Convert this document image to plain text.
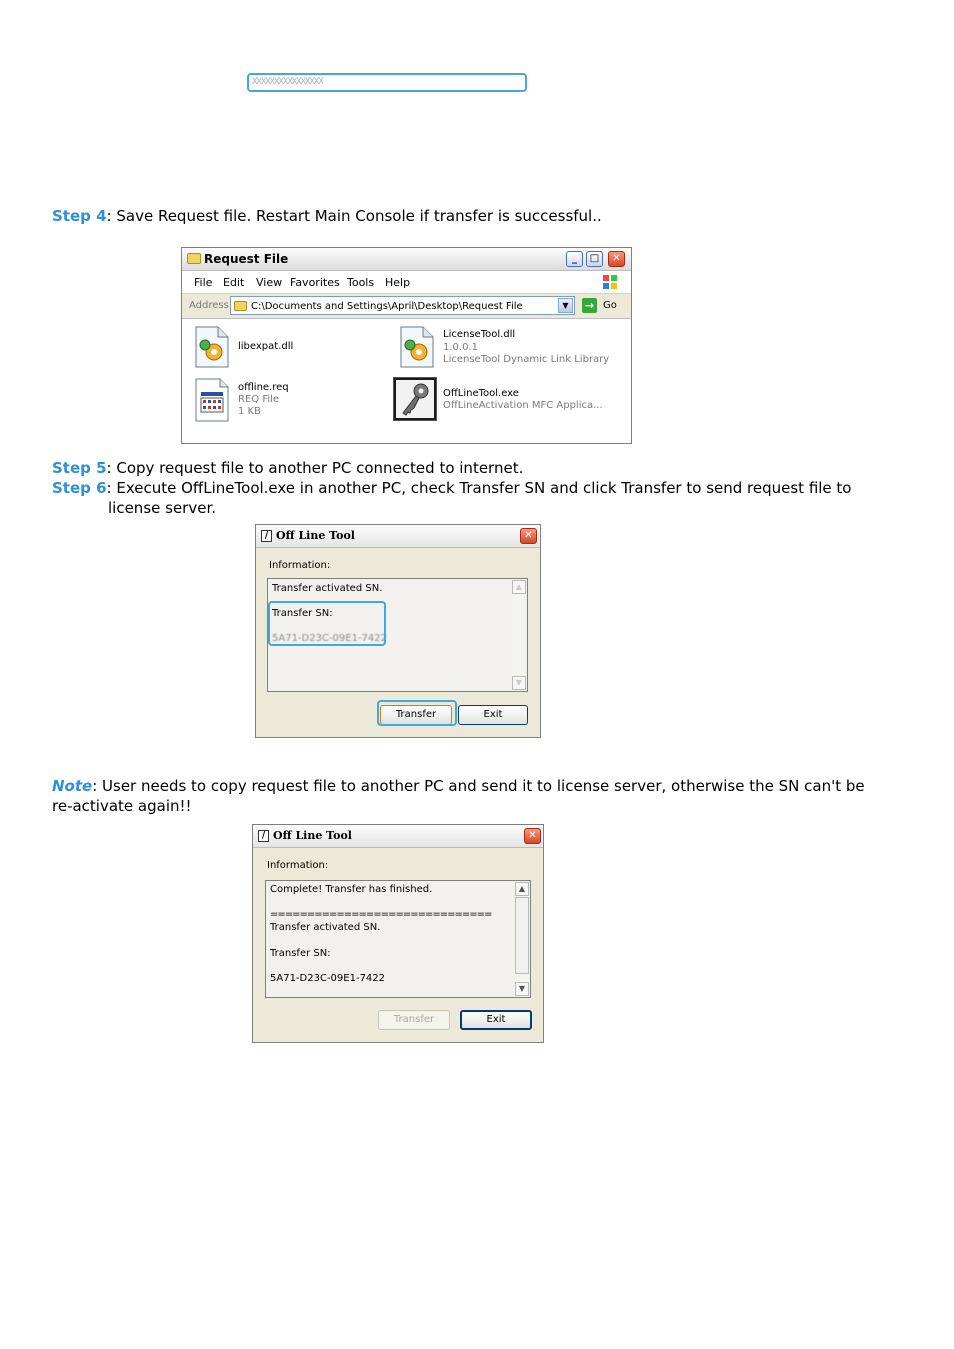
XXXXXXXXXXXXXXXX
Step 4: Save Request file. Restart Main Console if transfer is successful..
Request File	_	□	✕
File Edit View Favorites Tools Help
Address C:\Documents and Settings\April\Desktop\Request File	▼	→ Go
libexpat.dll
LicenseTool.dll
1.0.0.1
LicenseTool Dynamic Link Library
offline.req
REQ File
1 KB
OffLineTool.exe
OffLineActivation MFC Applica...
Step 5: Copy request file to another PC connected to internet.
Step 6: Execute OffLineTool.exe in another PC, check Transfer SN and click Transfer to send request file to
license server.
/ Off Line Tool	✕
Information:
Transfer activated SN.
Transfer SN:
5A71-D23C-09E1-7422
▲
▼
Transfer	Exit
Note: User needs to copy request file to another PC and send it to license server, otherwise the SN can't be
re-activate again!!
/ Off Line Tool	✕
Information:
Complete! Transfer has finished.
==============================
Transfer activated SN.
Transfer SN:
5A71-D23C-09E1-7422
▲
▼
Transfer	Exit
